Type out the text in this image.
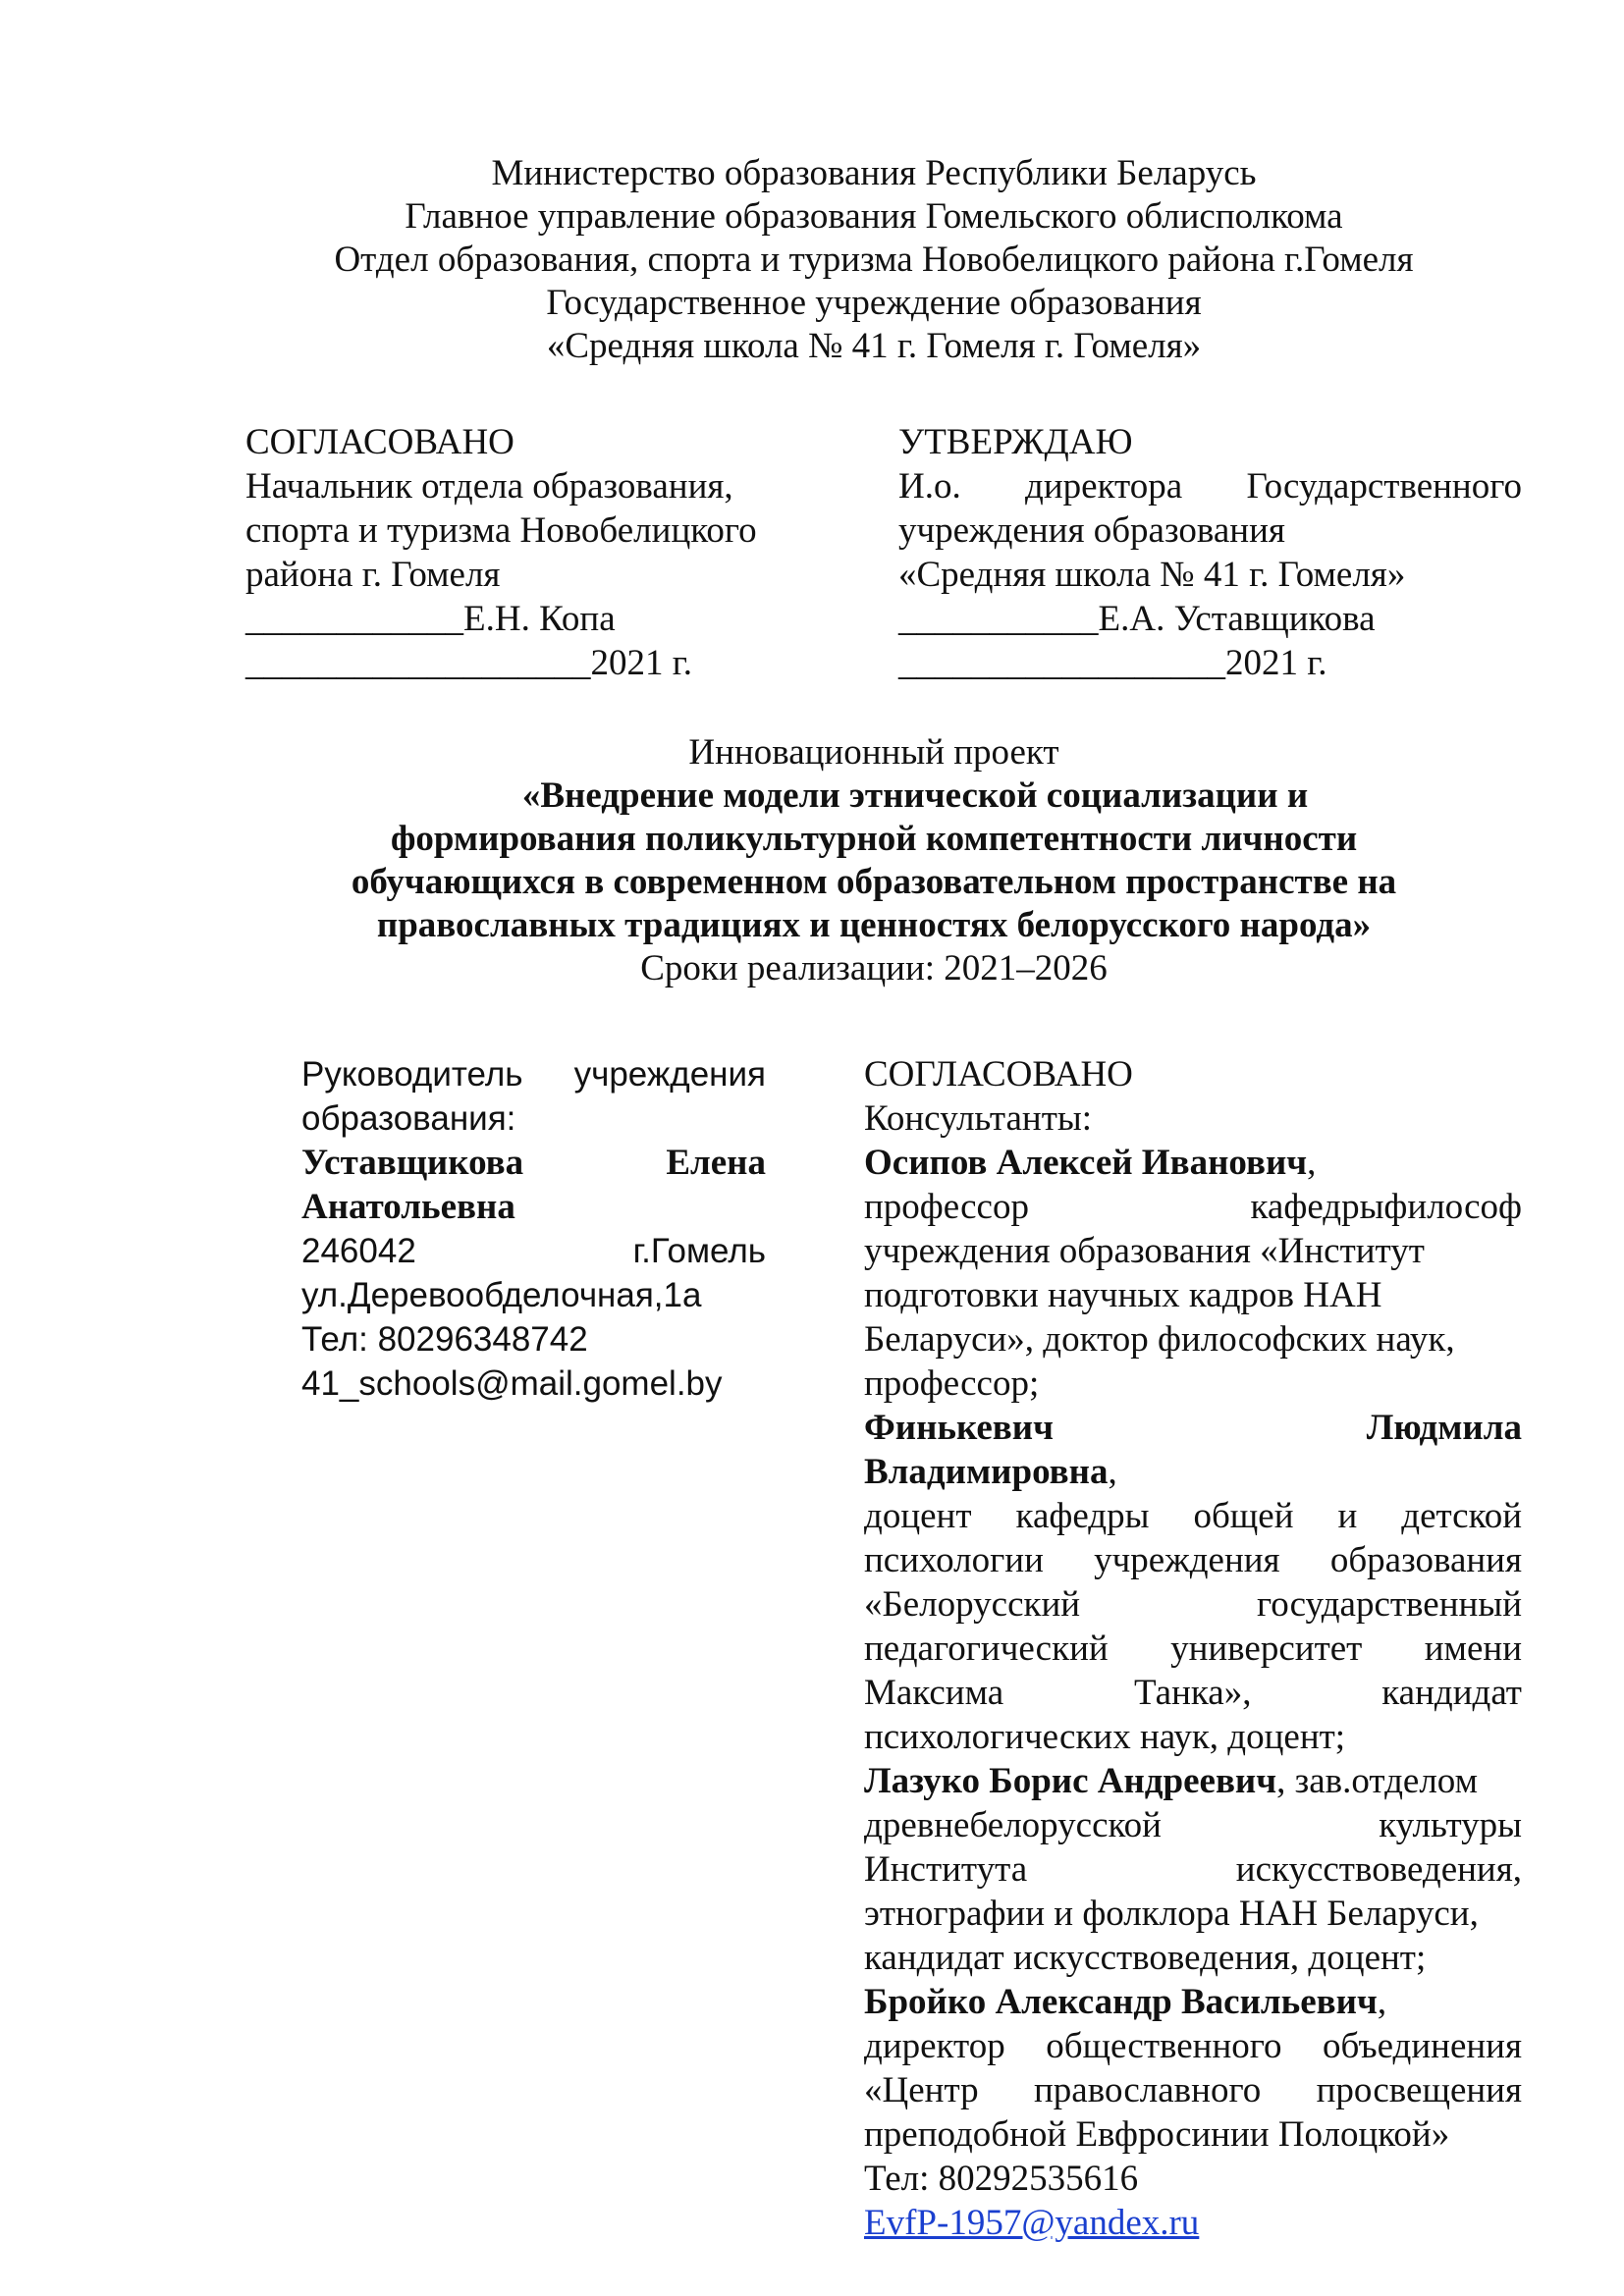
Министерство образования Республики Беларусь
Главное управление образования Гомельского облисполкома
Отдел образования, спорта и туризма Новобелицкого района г.Гомеля
Государственное учреждение образования
«Средняя школа № 41 г. Гомеля г. Гомеля»
СОГЛАСОВАНО
Начальник отдела образования,
спорта и туризма Новобелицкого
района г. Гомеля
____________Е.Н. Копа
___________________2021 г.
УТВЕРЖДАЮ
И.о. директора Государственного
учреждения образования
«Средняя школа № 41 г. Гомеля»
___________Е.А. Уставщикова
__________________2021 г.
Инновационный проект
«Внедрение модели этнической социализации и
формирования поликультурной компетентности личности
обучающихся в современном образовательном пространстве на
православных традициях и ценностях белорусского народа»
Сроки реализации: 2021–2026
Руководитель учреждения
образования:
Уставщикова	Елена
Анатольевна
246042	г.Гомель
ул.Деревообделочная,1а
Тел: 80296348742
41_schools@mail.gomel.by
СОГЛАСОВАНО
Консультанты:
Осипов Алексей Иванович,
профессор	кафедрыфилософ
учреждения образования «Институт
подготовки научных кадров НАН
Беларуси», доктор философских наук,
профессор;
Финькевич	Людмила
Владимировна,
доцент кафедры общей и детской
психологии учреждения образования
«Белорусский	государственный
педагогический университет имени
Максима	Танка»,	кандидат
психологических наук, доцент;
Лазуко Борис Андреевич, зав.отделом
древнебелорусской	культуры
Института	искусствоведения,
этнографии и фолклора НАН Беларуси,
кандидат искусствоведения, доцент;
Бройко Александр Васильевич,
директор общественного объединения
«Центр православного просвещения
преподобной Евфросинии Полоцкой»
Тел: 80292535616
EvfP-1957@yandex.ru
